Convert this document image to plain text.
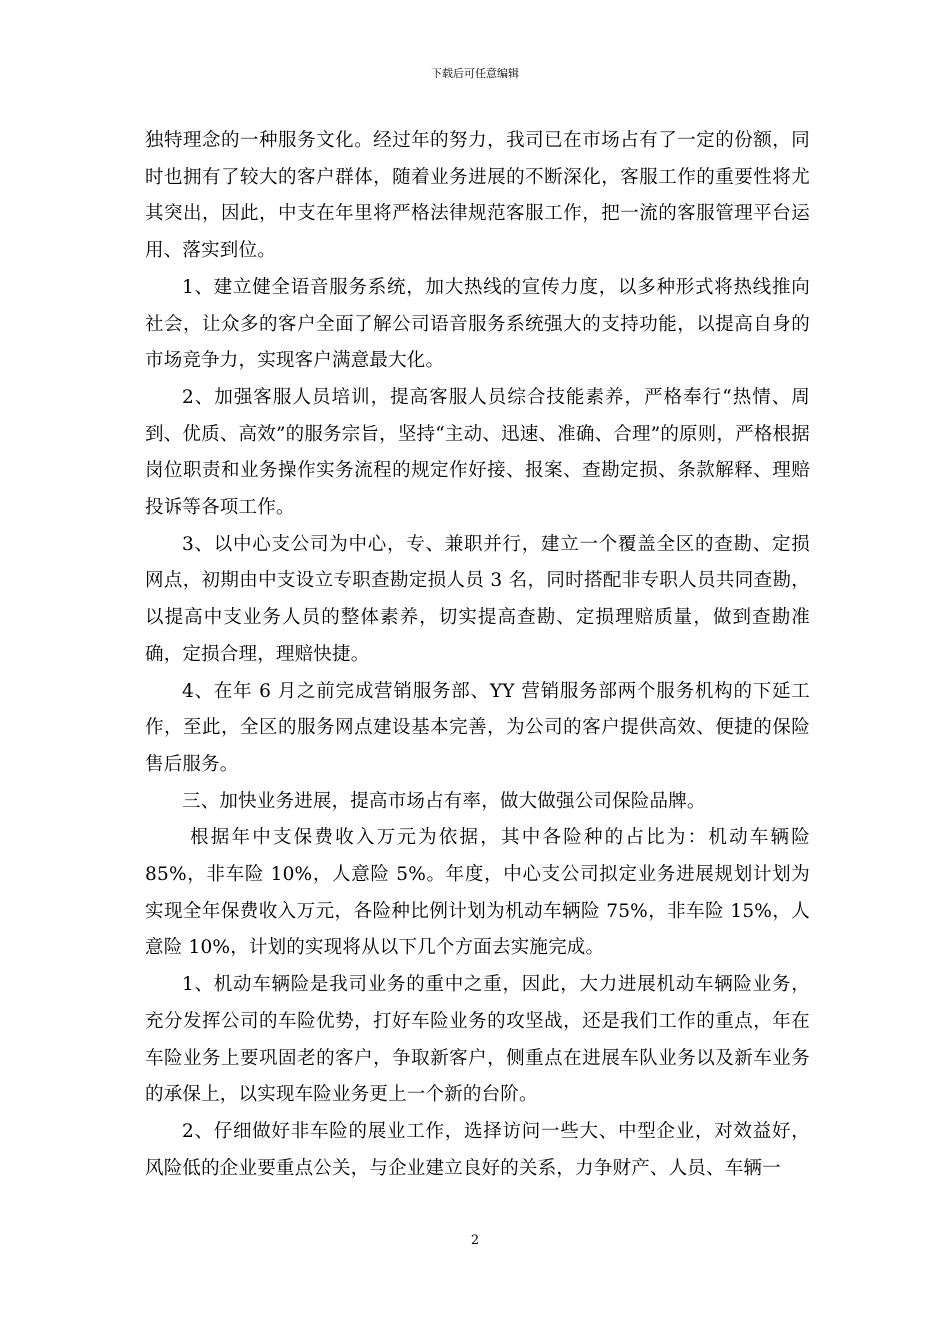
下载后可任意编辑

独特理念的一种服务文化。经过年的努力，我司已在市场占有了一定的份额，同时也拥有了较大的客户群体，随着业务进展的不断深化，客服工作的重要性将尤其突出，因此，中支在年里将严格法律规范客服工作，把一流的客服管理平台运用、落实到位。

1、建立健全语音服务系统，加大热线的宣传力度，以多种形式将热线推向社会，让众多的客户全面了解公司语音服务系统强大的支持功能，以提高自身的市场竞争力，实现客户满意最大化。

2、加强客服人员培训，提高客服人员综合技能素养，严格奉行“热情、周到、优质、高效”的服务宗旨，坚持“主动、迅速、准确、合理”的原则，严格根据岗位职责和业务操作实务流程的规定作好接、报案、查勘定损、条款解释、理赔投诉等各项工作。

3、以中心支公司为中心，专、兼职并行，建立一个覆盖全区的查勘、定损网点，初期由中支设立专职查勘定损人员 3 名，同时搭配非专职人员共同查勘，以提高中支业务人员的整体素养，切实提高查勘、定损理赔质量，做到查勘准确，定损合理，理赔快捷。

4、在年 6 月之前完成营销服务部、YY 营销服务部两个服务机构的下延工作，至此，全区的服务网点建设基本完善，为公司的客户提供高效、便捷的保险售后服务。

三、加快业务进展，提高市场占有率，做大做强公司保险品牌。

根据年中支保费收入万元为依据，其中各险种的占比为：机动车辆险 85%，非车险 10%，人意险 5%。年度，中心支公司拟定业务进展规划计划为实现全年保费收入万元，各险种比例计划为机动车辆险 75%，非车险 15%，人意险 10%，计划的实现将从以下几个方面去实施完成。

1、机动车辆险是我司业务的重中之重，因此，大力进展机动车辆险业务，充分发挥公司的车险优势，打好车险业务的攻坚战，还是我们工作的重点，年在车险业务上要巩固老的客户，争取新客户，侧重点在进展车队业务以及新车业务的承保上，以实现车险业务更上一个新的台阶。

2、仔细做好非车险的展业工作，选择访问一些大、中型企业，对效益好，风险低的企业要重点公关，与企业建立良好的关系，力争财产、人员、车辆一

2
